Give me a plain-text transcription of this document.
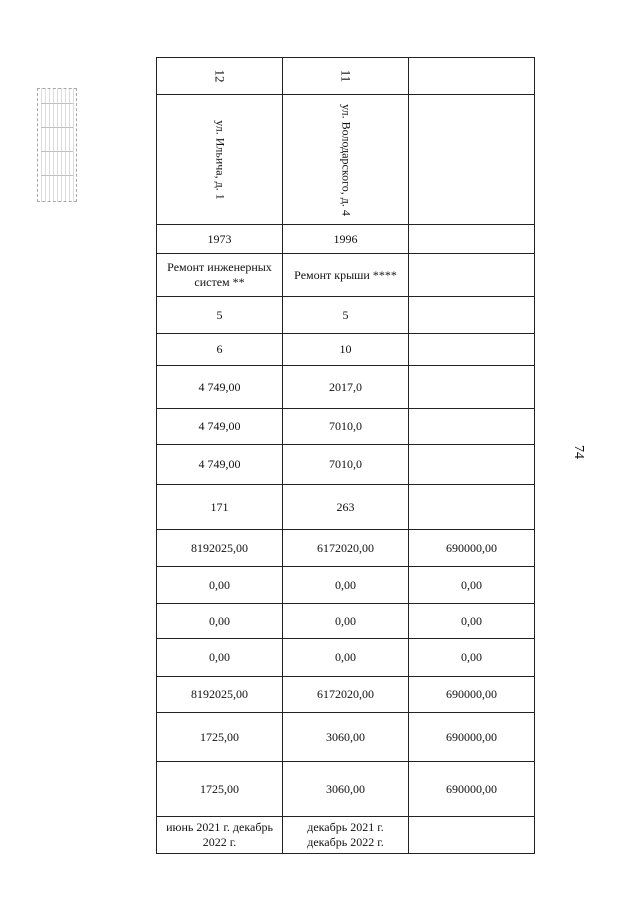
74
12	11	

ул. Ильича, д. 1	ул. Володарского, д. 4	

1973	1996	
Ремонт инженерных систем **	Ремонт крыши ****	
5	5	
6	10	
4 749,00	2017,0	
4 749,00	7010,0	
4 749,00	7010,0	
171	263	
8192025,00	6172020,00	690000,00
0,00	0,00	0,00
0,00	0,00	0,00
0,00	0,00	0,00
8192025,00	6172020,00	690000,00
1725,00	3060,00	690000,00
1725,00	3060,00	690000,00
июнь 2021 г. декабрь 2022 г.	декабрь 2021 г. декабрь 2022 г.	
